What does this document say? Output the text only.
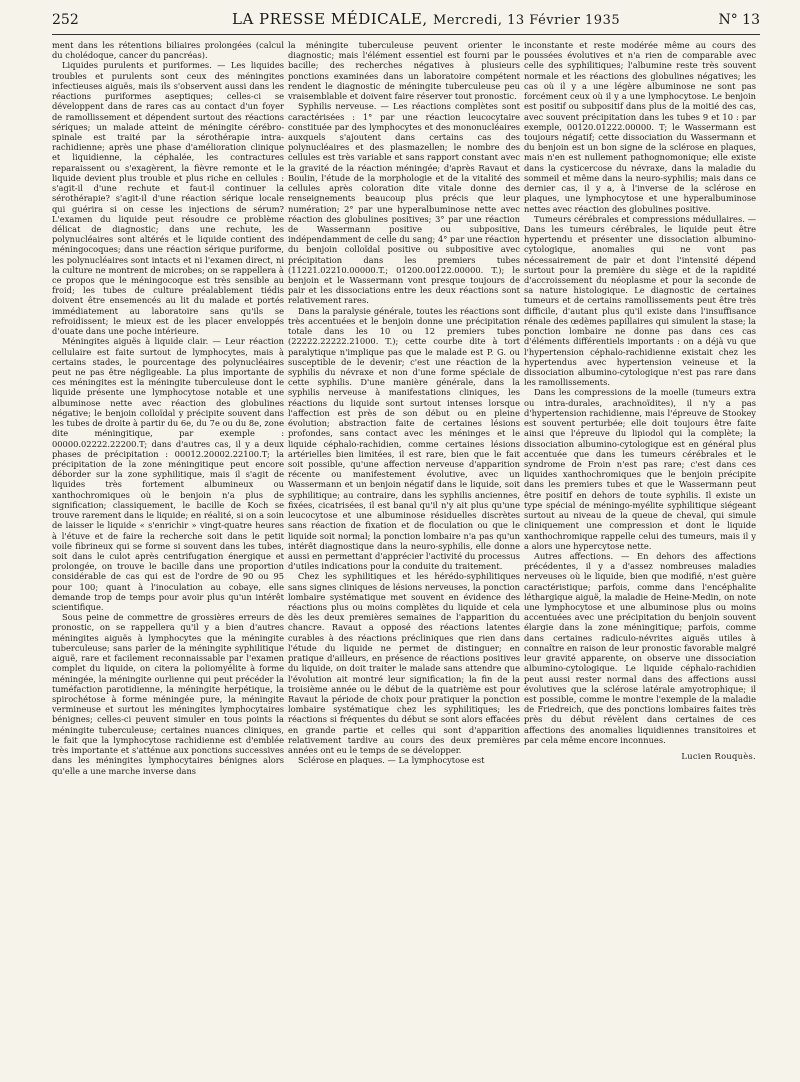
252	LA PRESSE MÉDICALE, Mercredi, 13 Février 1935	N° 13

ment dans les rétentions biliaires prolongées (calcul du cholédoque, cancer du pancréas).

Liquides purulents et puriformes. — Les liquides troubles et purulents sont ceux des méningites infectieuses aiguës, mais ils s'observent aussi dans les réactions puriformes aseptiques; celles-ci se développent dans de rares cas au contact d'un foyer de ramollissement et dépendent surtout des réactions sériques; un malade atteint de méningite cérébro-spinale est traité par la sérothérapie intra-rachidienne; après une phase d'amélioration clinique et liquidienne, la céphalée, les contractures reparaissent ou s'exagèrent, la fièvre remonte et le liquide devient plus trouble et plus riche en cellules : s'agit-il d'une rechute et faut-il continuer la sérothérapie? s'agit-il d'une réaction sérique locale qui guérira si on cesse les injections de sérum? L'examen du liquide peut résoudre ce problème délicat de diagnostic; dans une rechute, les polynucléaires sont altérés et le liquide contient des méningocoques; dans une réaction sérique puriforme, les polynucléaires sont intacts et ni l'examen direct, ni la culture ne montrent de microbes; on se rappellera à ce propos que le méningocoque est très sensible au froid; les tubes de culture préalablement tiédis doivent être ensemencés au lit du malade et portés immédiatement au laboratoire sans qu'ils se refroidissent; le mieux est de les placer enveloppés d'ouate dans une poche intérieure.

Méningites aiguës à liquide clair. — Leur réaction cellulaire est faite surtout de lymphocytes, mais à certains stades, le pourcentage des polynucléaires peut ne pas être négligeable. La plus importante de ces méningites est la méningite tuberculeuse dont le liquide présente une lymphocytose notable et une albuminose nette avec réaction des globulines négative; le benjoin colloïdal y précipite souvent dans les tubes de droite à partir du 6e, du 7e ou du 8e, zone dite méningitique, par exemple : 00000.02222.22200.T; dans d'autres cas, il y a deux phases de précipitation : 00012.20002.22100.T; la précipitation de la zone méningitique peut encore déborder sur la zone syphilitique, mais il s'agit de liquides très fortement albumineux ou xanthochromiques où le benjoin n'a plus de signification; classiquement, le bacille de Koch se trouve rarement dans le liquide; en réalité, si on a soin de laisser le liquide « s'enrichir » vingt-quatre heures à l'étuve et de faire la recherche soit dans le petit voile fibrineux qui se forme si souvent dans les tubes, soit dans le culot après centrifugation énergique et prolongée, on trouve le bacille dans une proportion considérable de cas qui est de l'ordre de 90 ou 95 pour 100; quant à l'inoculation au cobaye, elle demande trop de temps pour avoir plus qu'un intérêt scientifique.

Sous peine de commettre de grossières erreurs de pronostic, on se rappellera qu'il y a bien d'autres méningites aiguës à lymphocytes que la méningite tuberculeuse; sans parler de la méningite syphilitique aiguë, rare et facilement reconnaissable par l'examen complet du liquide, on citera la poliomyélite à forme méningée, la méningite ourlienne qui peut précéder la tuméfaction parotidienne, la méningite herpétique, la spirochétose à forme méningée pure, la méningite vermineuse et surtout les méningites lymphocytaires bénignes; celles-ci peuvent simuler en tous points la méningite tuberculeuse; certaines nuances cliniques, le fait que la lymphocytose rachidienne est d'emblée très importante et s'atténue aux ponctions successives dans les méningites lymphocytaires bénignes alors qu'elle a une marche inverse dans

la méningite tuberculeuse peuvent orienter le diagnostic; mais l'élément essentiel est fourni par le bacille; des recherches négatives à plusieurs ponctions examinées dans un laboratoire compétent rendent le diagnostic de méningite tuberculeuse peu vraisemblable et doivent faire réserver tout pronostic.

Syphilis nerveuse. — Les réactions complètes sont caractérisées : 1° par une réaction leucocytaire constituée par des lymphocytes et des mononucléaires auxquels s'ajoutent dans certains cas des polynucléaires et des plasmazellen; le nombre des cellules est très variable et sans rapport constant avec la gravité de la réaction méningée; d'après Ravaut et Boulin, l'étude de la morphologie et de la vitalité des cellules après coloration dite vitale donne des renseignements beaucoup plus précis que leur numération; 2° par une hyperalbuminose nette avec réaction des globulines positives; 3° par une réaction de Wassermann positive ou subpositive, indépendamment de celle du sang; 4° par une réaction du benjoin colloïdal positive ou subpositive avec précipitation dans les premiers tubes (11221.02210.00000.T.; 01200.00122.00000. T.); le benjoin et le Wassermann vont presque toujours de pair et les dissociations entre les deux réactions sont relativement rares.

Dans la paralysie générale, toutes les réactions sont très accentuées et le benjoin donne une précipitation totale dans les 10 ou 12 premiers tubes (22222.22222.21000. T.); cette courbe dite à tort paralytique n'implique pas que le malade est P. G. ou susceptible de le devenir; c'est une réaction de la syphilis du névraxe et non d'une forme spéciale de cette syphilis. D'une manière générale, dans la syphilis nerveuse à manifestations cliniques, les réactions du liquide sont surtout intenses lorsque l'affection est près de son début ou en pleine évolution; abstraction faite de certaines lésions profondes, sans contact avec les méninges et le liquide céphalo-rachidien, comme certaines lésions artérielles bien limitées, il est rare, bien que le fait soit possible, qu'une affection nerveuse d'apparition récente ou manifestement évolutive, avec un Wassermann et un benjoin négatif dans le liquide, soit syphilitique; au contraire, dans les syphilis anciennes, fixées, cicatrisées, il est banal qu'il n'y ait plus qu'une leucocytose et une albuminose résiduelles discrètes sans réaction de fixation et de floculation ou que le liquide soit normal; la ponction lombaire n'a pas qu'un intérêt diagnostique dans la neuro-syphilis, elle donne aussi en permettant d'apprécier l'activité du processus d'utiles indications pour la conduite du traitement.

Chez les syphilitiques et les hérédo-syphilitiques sans signes cliniques de lésions nerveuses, la ponction lombaire systématique met souvent en évidence des réactions plus ou moins complètes du liquide et cela dès les deux premières semaines de l'apparition du chancre. Ravaut a opposé des réactions latentes curables à des réactions précliniques que rien dans l'étude du liquide ne permet de distinguer; en pratique d'ailleurs, en présence de réactions positives du liquide, on doit traiter le malade sans attendre que l'évolution ait montré leur signification; la fin de la troisième année ou le début de la quatrième est pour Ravaut la période de choix pour pratiquer la ponction lombaire systématique chez les syphilitiques; les réactions si fréquentes du début se sont alors effacées en grande partie et celles qui sont d'apparition relativement tardive au cours des deux premières années ont eu le temps de se développer.

Sclérose en plaques. — La lymphocytose est

inconstante et reste modérée même au cours des poussées évolutives et n'a rien de comparable avec celle des syphilitiques; l'albumine reste très souvent normale et les réactions des globulines négatives; les cas où il y a une légère albuminose ne sont pas forcément ceux où il y a une lymphocytose. Le benjoin est positif ou subpositif dans plus de la moitié des cas, avec souvent précipitation dans les tubes 9 et 10 : par exemple, 00120.01222.00000. T; le Wassermann est toujours négatif; cette dissociation du Wassermann et du benjoin est un bon signe de la sclérose en plaques, mais n'en est nullement pathognomonique; elle existe dans la cysticercose du névraxe, dans la maladie du sommeil et même dans la neuro-syphilis; mais dans ce dernier cas, il y a, à l'inverse de la sclérose en plaques, une lymphocytose et une hyperalbuminose nettes avec réaction des globulines positive.

Tumeurs cérébrales et compressions médullaires. — Dans les tumeurs cérébrales, le liquide peut être hypertendu et présenter une dissociation albumino-cytologique, anomalies qui ne vont pas nécessairement de pair et dont l'intensité dépend surtout pour la première du siège et de la rapidité d'accroissement du néoplasme et pour la seconde de sa nature histologique. Le diagnostic de certaines tumeurs et de certains ramollissements peut être très difficile, d'autant plus qu'il existe dans l'insuffisance rénale des œdèmes papillaires qui simulent la stase; la ponction lombaire ne donne pas dans ces cas d'éléments différentiels importants : on a déjà vu que l'hypertension céphalo-rachidienne existait chez les hypertendus avec hypertension veineuse et la dissociation albumino-cytologique n'est pas rare dans les ramollissements.

Dans les compressions de la moelle (tumeurs extra ou intra-durales, arachnoïdites), il n'y a pas d'hypertension rachidienne, mais l'épreuve de Stookey est souvent perturbée; elle doit toujours être faite ainsi que l'épreuve du lipiodol qui la complète; la dissociation albumino-cytologique est en général plus accentuée que dans les tumeurs cérébrales et le syndrome de Froin n'est pas rare; c'est dans ces liquides xanthochromiques que le benjoin précipite dans les premiers tubes et que le Wassermann peut être positif en dehors de toute syphilis. Il existe un type spécial de méningo-myélite syphilitique siégeant surtout au niveau de la queue de cheval, qui simule cliniquement une compression et dont le liquide xanthochromique rappelle celui des tumeurs, mais il y a alors une hypercytose nette.

Autres affections. — En dehors des affections précédentes, il y a d'assez nombreuses maladies nerveuses où le liquide, bien que modifié, n'est guère caractéristique; parfois, comme dans l'encéphalite léthargique aiguë, la maladie de Heine-Medin, on note une lymphocytose et une albuminose plus ou moins accentuées avec une précipitation du benjoin souvent élargie dans la zone méningitique; parfois, comme dans certaines radiculo-névrites aiguës utiles à connaître en raison de leur pronostic favorable malgré leur gravité apparente, on observe une dissociation albumino-cytologique. Le liquide céphalo-rachidien peut aussi rester normal dans des affections aussi évolutives que la sclérose latérale amyotrophique; il est possible, comme le montre l'exemple de la maladie de Friedreich, que des ponctions lombaires faites très près du début révèlent dans certaines de ces affections des anomalies liquidiennes transitoires et par cela même encore inconnues.

Lucien Rouquès.
